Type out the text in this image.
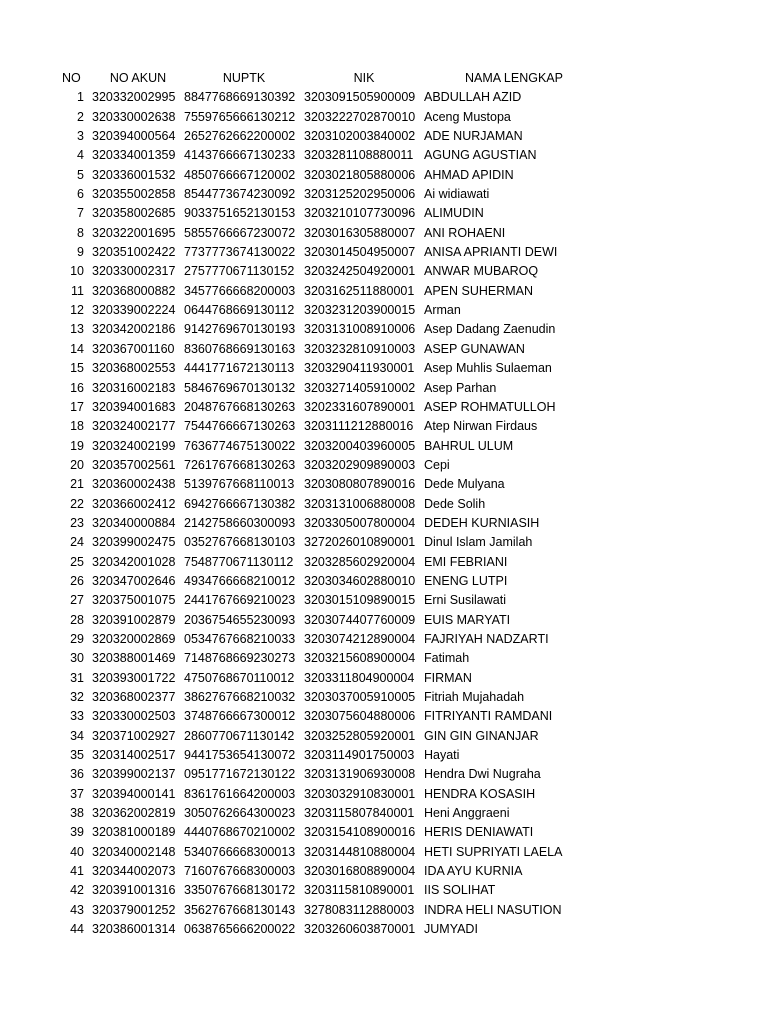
NO	NO AKUN	NUPTK	NIK	NAMA LENGKAP
1	320332002995	8847768669130392	3203091505900009	ABDULLAH AZID
2	320330002638	7559765666130212	3203222702870010	Aceng Mustopa
3	320394000564	2652762662200002	3203102003840002	ADE NURJAMAN
4	320334001359	4143766667130233	3203281108880011	AGUNG AGUSTIAN
5	320336001532	4850766667120002	3203021805880006	AHMAD APIDIN
6	320355002858	8544773674230092	3203125202950006	Ai widiawati
7	320358002685	9033751652130153	3203210107730096	ALIMUDIN
8	320322001695	5855766667230072	3203016305880007	ANI ROHAENI
9	320351002422	7737773674130022	3203014504950007	ANISA APRIANTI DEWI
10	320330002317	2757770671130152	3203242504920001	ANWAR MUBAROQ
11	320368000882	3457766668200003	3203162511880001	APEN SUHERMAN
12	320339002224	0644768669130112	3203231203900015	Arman
13	320342002186	9142769670130193	3203131008910006	Asep Dadang Zaenudin
14	320367001160	8360768669130163	3203232810910003	ASEP GUNAWAN
15	320368002553	4441771672130113	3203290411930001	Asep Muhlis Sulaeman
16	320316002183	5846769670130132	3203271405910002	Asep Parhan
17	320394001683	2048767668130263	3202331607890001	ASEP ROHMATULLOH
18	320324002177	7544766667130263	3203111212880016	Atep Nirwan Firdaus
19	320324002199	7636774675130022	3203200403960005	BAHRUL ULUM
20	320357002561	7261767668130263	3203202909890003	Cepi
21	320360002438	5139767668110013	3203080807890016	Dede Mulyana
22	320366002412	6942766667130382	3203131006880008	Dede Solih
23	320340000884	2142758660300093	3203305007800004	DEDEH KURNIASIH
24	320399002475	0352767668130103	3272026010890001	Dinul Islam Jamilah
25	320342001028	7548770671130112	3203285602920004	EMI FEBRIANI
26	320347002646	4934766668210012	3203034602880010	ENENG LUTPI
27	320375001075	2441767669210023	3203015109890015	Erni Susilawati
28	320391002879	2036754655230093	3203074407760009	EUIS MARYATI
29	320320002869	0534767668210033	3203074212890004	FAJRIYAH NADZARTI
30	320388001469	7148768669230273	3203215608900004	Fatimah
31	320393001722	4750768670110012	3203311804900004	FIRMAN
32	320368002377	3862767668210032	3203037005910005	Fitriah Mujahadah
33	320330002503	3748766667300012	3203075604880006	FITRIYANTI RAMDANI
34	320371002927	2860770671130142	3203252805920001	GIN GIN GINANJAR
35	320314002517	9441753654130072	3203114901750003	Hayati
36	320399002137	0951771672130122	3203131906930008	Hendra Dwi Nugraha
37	320394000141	8361761664200003	3203032910830001	HENDRA KOSASIH
38	320362002819	3050762664300023	3203115807840001	Heni Anggraeni
39	320381000189	4440768670210002	3203154108900016	HERIS DENIAWATI
40	320340002148	5340766668300013	3203144810880004	HETI SUPRIYATI LAELA
41	320344002073	7160767668300003	3203016808890004	IDA AYU KURNIA
42	320391001316	3350767668130172	3203115810890001	IIS SOLIHAT
43	320379001252	3562767668130143	3278083112880003	INDRA HELI NASUTION
44	320386001314	0638765666200022	3203260603870001	JUMYADI
